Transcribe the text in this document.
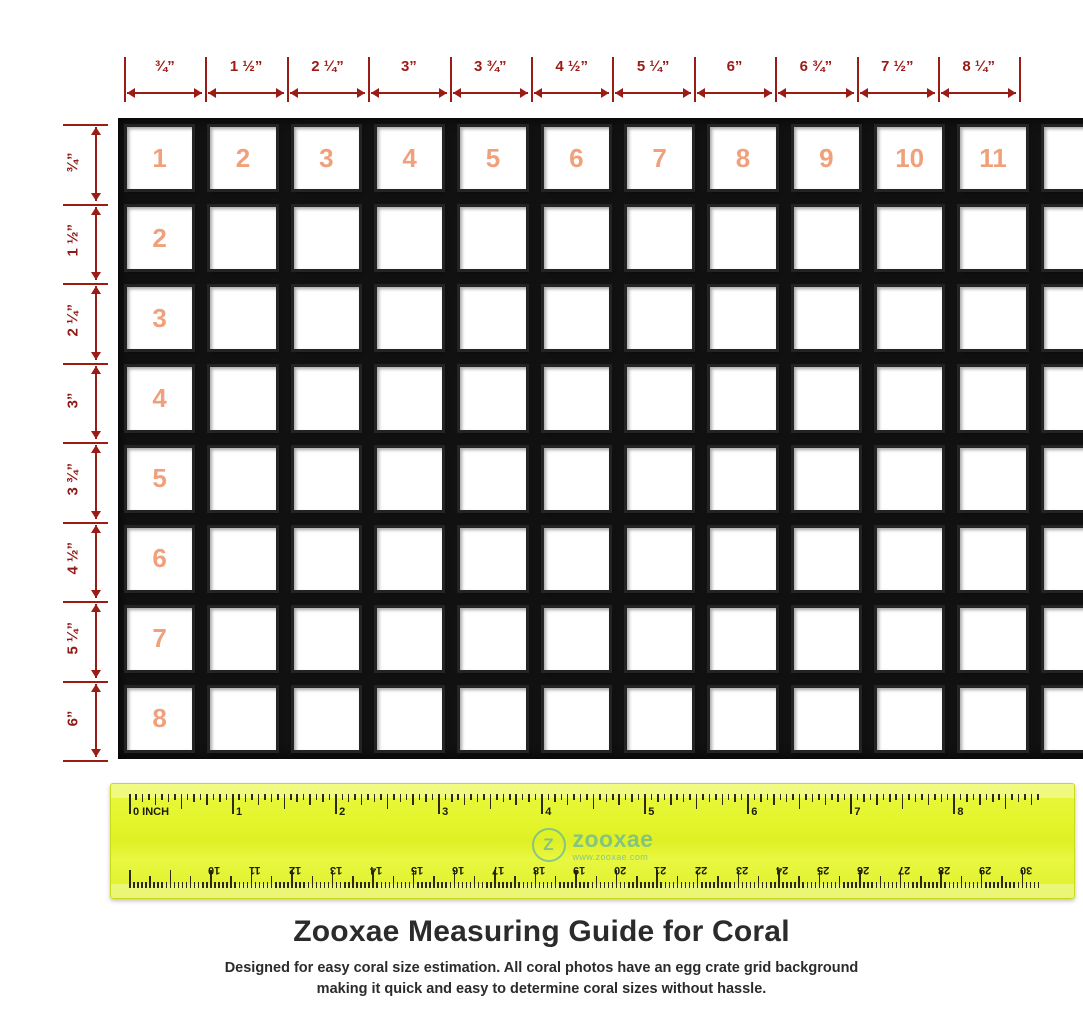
1	2	3	4	5	6	7	8	9	10	11
2
3
4
5
6
7
8
Z zooxae
www.zooxae.com
0 INCH	1	2	3	4	5	6	7	8
30
29
28
27
26
25
24
23
22
21
20
19
18
17
16
15
14
13
12
11
10
Zooxae Measuring Guide for Coral
Designed for easy coral size estimation. All coral photos have an egg crate grid background
making it quick and easy to determine coral sizes without hassle.
¾”	1 ½”	2 ¼”	3”	3 ¾”	4 ½”	5 ¼”	6”	6 ¾”	7 ½”	8 ¼”
¾”
1 ½”
2 ¼”
3”
3 ¾”
4 ½”
5 ¼”
6”
